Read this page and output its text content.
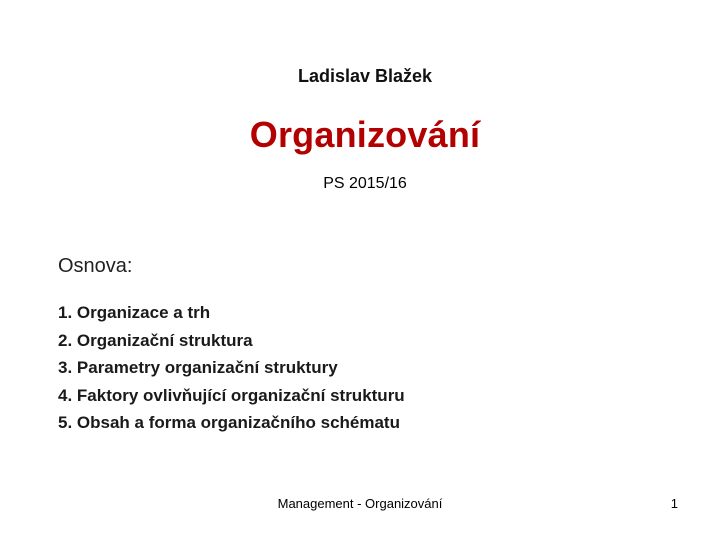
Ladislav Blažek
Organizování
PS 2015/16
Osnova:
1. Organizace a trh
2. Organizační struktura
3. Parametry organizační struktury
4. Faktory ovlivňující organizační strukturu
5. Obsah a forma organizačního schématu
Management - Organizování	1
